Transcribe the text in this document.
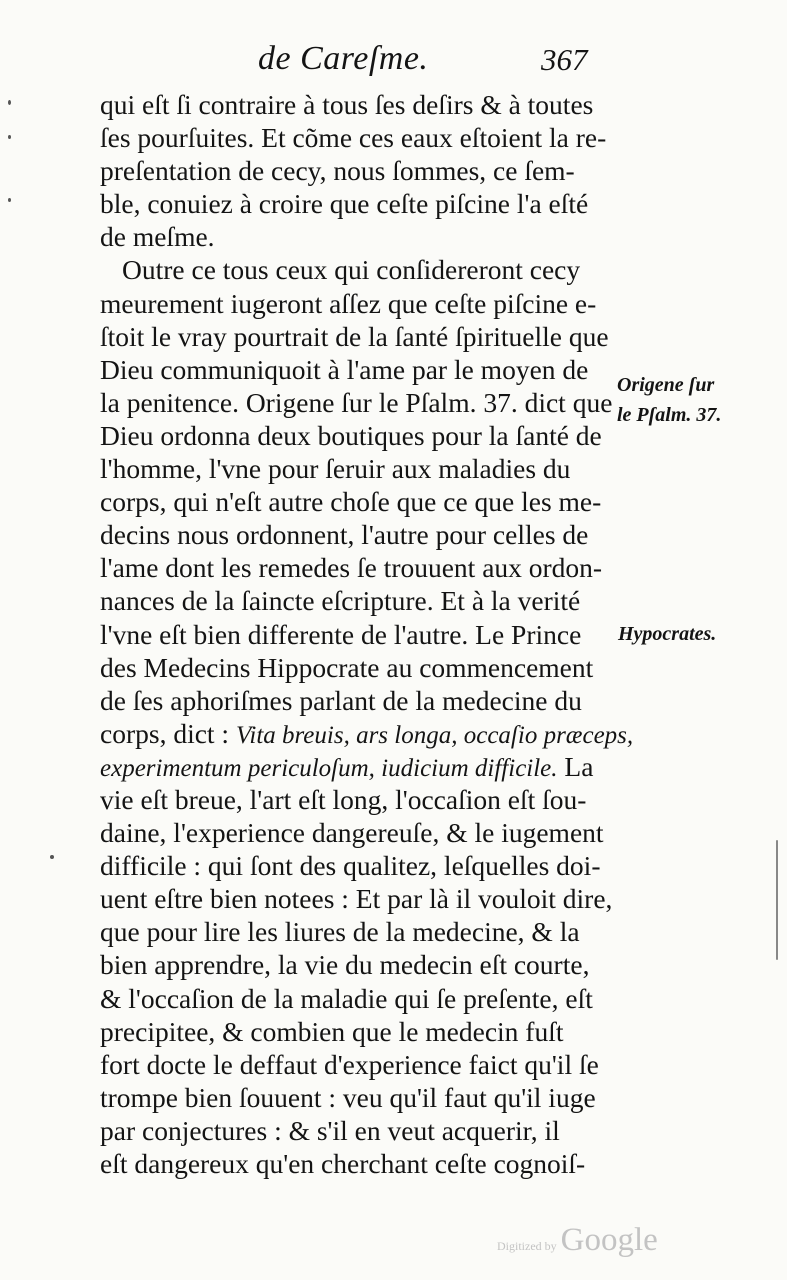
de Careſme.	367
qui eſt ſi contraire à tous ſes deſirs & à toutes
ſes pourſuites. Et cõme ces eaux eſtoient la re-
preſentation de cecy, nous ſommes, ce ſem-
ble, conuiez à croire que ceſte piſcine l'a eſté
de meſme.
Outre ce tous ceux qui conſidereront cecy
meurement iugeront aſſez que ceſte piſcine e-
ſtoit le vray pourtrait de la ſanté ſpirituelle que
Dieu communiquoit à l'ame par le moyen de
la penitence. Origene ſur le Pſalm. 37. dict que
Dieu ordonna deux boutiques pour la ſanté de
l'homme, l'vne pour ſeruir aux maladies du
corps, qui n'eſt autre choſe que ce que les me-
decins nous ordonnent, l'autre pour celles de
l'ame dont les remedes ſe trouuent aux ordon-
nances de la ſaincte eſcripture. Et à la verité
l'vne eſt bien differente de l'autre. Le Prince
des Medecins Hippocrate au commencement
de ſes aphoriſmes parlant de la medecine du
corps, dict : Vita breuis, ars longa, occaſio præceps,
experimentum periculoſum, iudicium difficile. La
vie eſt breue, l'art eſt long, l'occaſion eſt ſou-
daine, l'experience dangereuſe, & le iugement
difficile : qui ſont des qualitez, leſquelles doi-
uent eſtre bien notees : Et par là il vouloit dire,
que pour lire les liures de la medecine, & la
bien apprendre, la vie du medecin eſt courte,
& l'occaſion de la maladie qui ſe preſente, eſt
precipitee, & combien que le medecin fuſt
fort docte le deffaut d'experience faict qu'il ſe
trompe bien ſouuent : veu qu'il faut qu'il iuge
par conjectures : & s'il en veut acquerir, il
eſt dangereux qu'en cherchant ceſte cognoiſ-
Origene ſur
le Pſalm. 37.
Hypocrates.
Digitized by Google
